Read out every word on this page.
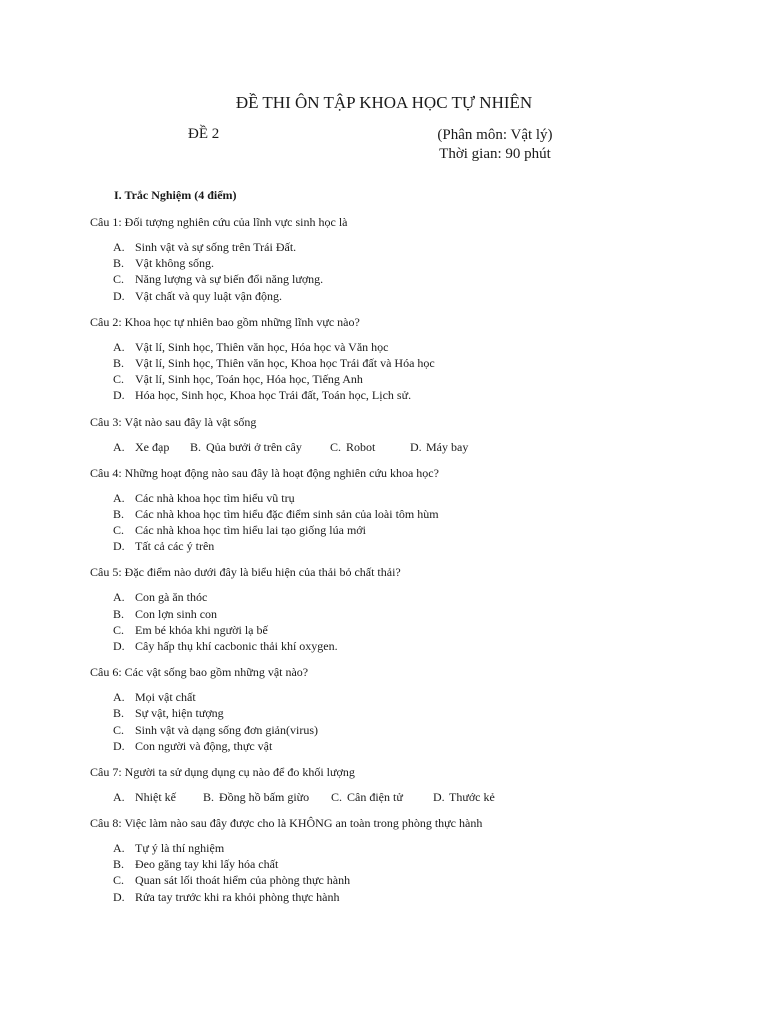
ĐỀ THI ÔN TẬP KHOA HỌC TỰ NHIÊN
ĐỀ 2	(Phân môn: Vật lý)
Thời gian: 90 phút
I. Trắc Nghiệm (4 điểm)
Câu 1: Đối tượng nghiên cứu của lĩnh vực sinh học là
A. Sinh vật và sự sống trên Trái Đất.
B. Vật không sống.
C. Năng lượng và sự biến đổi năng lượng.
D. Vật chất và quy luật vận động.
Câu 2: Khoa học tự nhiên bao gồm những lĩnh vực nào?
A. Vật lí, Sinh học, Thiên văn học, Hóa học và Văn học
B. Vật lí, Sinh học, Thiên văn học, Khoa học Trái đất và Hóa học
C. Vật lí, Sinh học, Toán học, Hóa học, Tiếng Anh
D. Hóa học, Sinh học, Khoa học Trái đất, Toán học, Lịch sử.
Câu 3: Vật nào sau đây là vật sống
A. Xe đạp	B. Qủa bưởi ở trên cây	C. Robot	D. Máy bay
Câu 4: Những hoạt động nào sau đây là hoạt động nghiên cứu khoa học?
A. Các nhà khoa học tìm hiểu vũ trụ
B. Các nhà khoa học tìm hiểu đặc điểm sinh sản của loài tôm hùm
C. Các nhà khoa học tìm hiểu lai tạo giống lúa mới
D. Tất cả các ý trên
Câu 5: Đặc điểm nào dưới đây là biểu hiện của thải bỏ chất thải?
A. Con gà ăn thóc
B. Con lợn sinh con
C. Em bé khóa khi người lạ bế
D. Cây hấp thụ khí cacbonic thải khí oxygen.
Câu 6: Các vật sống bao gồm những vật nào?
A. Mọi vật chất
B. Sự vật, hiện tượng
C. Sinh vật và dạng sống đơn giản(virus)
D. Con người và động, thực vật
Câu 7: Người ta sử dụng dụng cụ nào để đo khối lượng
A. Nhiệt kế	B. Đồng hồ bấm giừo	C. Cân điện tử	D. Thước kẻ
Câu 8: Việc làm nào sau đây được cho là KHÔNG an toàn trong phòng thực hành
A. Tự ý là thí nghiệm
B. Đeo găng tay khi lấy hóa chất
C. Quan sát lối thoát hiểm của phòng thực hành
D. Rửa tay trước khi ra khỏi phòng thực hành
